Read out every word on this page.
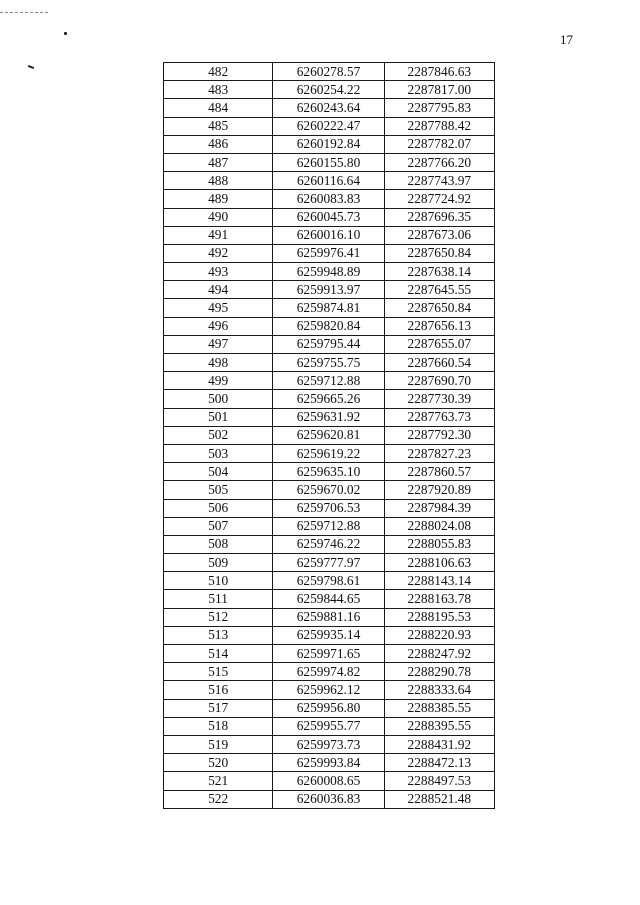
17
482	6260278.57	2287846.63
483	6260254.22	2287817.00
484	6260243.64	2287795.83
485	6260222.47	2287788.42
486	6260192.84	2287782.07
487	6260155.80	2287766.20
488	6260116.64	2287743.97
489	6260083.83	2287724.92
490	6260045.73	2287696.35
491	6260016.10	2287673.06
492	6259976.41	2287650.84
493	6259948.89	2287638.14
494	6259913.97	2287645.55
495	6259874.81	2287650.84
496	6259820.84	2287656.13
497	6259795.44	2287655.07
498	6259755.75	2287660.54
499	6259712.88	2287690.70
500	6259665.26	2287730.39
501	6259631.92	2287763.73
502	6259620.81	2287792.30
503	6259619.22	2287827.23
504	6259635.10	2287860.57
505	6259670.02	2287920.89
506	6259706.53	2287984.39
507	6259712.88	2288024.08
508	6259746.22	2288055.83
509	6259777.97	2288106.63
510	6259798.61	2288143.14
511	6259844.65	2288163.78
512	6259881.16	2288195.53
513	6259935.14	2288220.93
514	6259971.65	2288247.92
515	6259974.82	2288290.78
516	6259962.12	2288333.64
517	6259956.80	2288385.55
518	6259955.77	2288395.55
519	6259973.73	2288431.92
520	6259993.84	2288472.13
521	6260008.65	2288497.53
522	6260036.83	2288521.48
